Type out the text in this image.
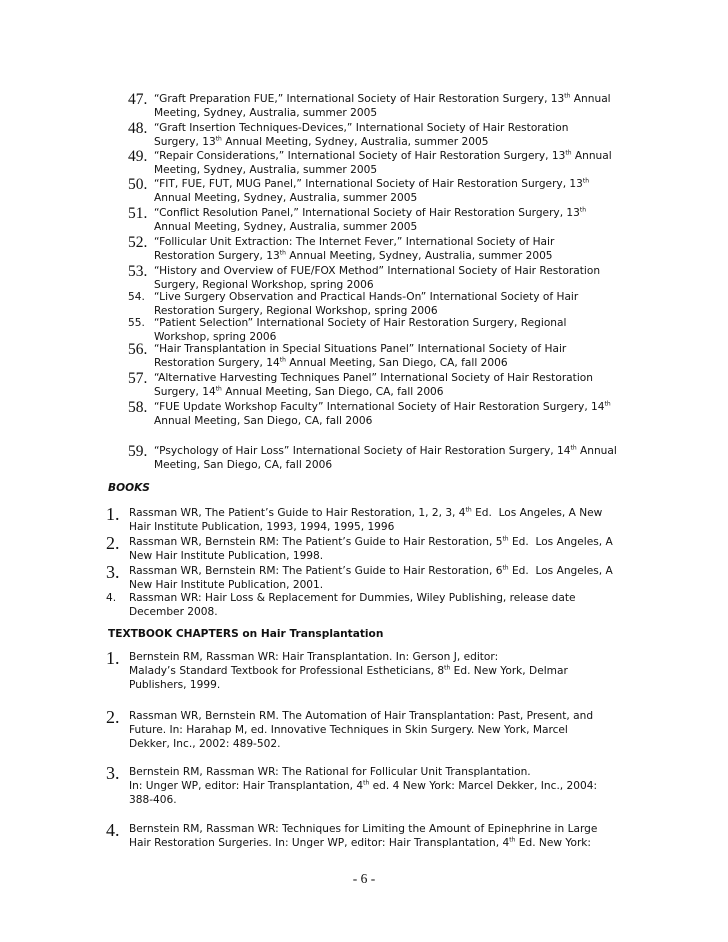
47. “Graft Preparation FUE,” International Society of Hair Restoration Surgery, 13th Annual
Meeting, Sydney, Australia, summer 2005
48. “Graft Insertion Techniques-Devices,” International Society of Hair Restoration
Surgery, 13th Annual Meeting, Sydney, Australia, summer 2005
49. “Repair Considerations,” International Society of Hair Restoration Surgery, 13th Annual
Meeting, Sydney, Australia, summer 2005
50. “FIT, FUE, FUT, MUG Panel,” International Society of Hair Restoration Surgery, 13th
Annual Meeting, Sydney, Australia, summer 2005
51. “Conflict Resolution Panel,” International Society of Hair Restoration Surgery, 13th
Annual Meeting, Sydney, Australia, summer 2005
52. “Follicular Unit Extraction: The Internet Fever,” International Society of Hair
Restoration Surgery, 13th Annual Meeting, Sydney, Australia, summer 2005
53. “History and Overview of FUE/FOX Method” International Society of Hair Restoration
Surgery, Regional Workshop, spring 2006
54. “Live Surgery Observation and Practical Hands-On” International Society of Hair
Restoration Surgery, Regional Workshop, spring 2006
55. “Patient Selection” International Society of Hair Restoration Surgery, Regional
Workshop, spring 2006
56. “Hair Transplantation in Special Situations Panel” International Society of Hair
Restoration Surgery, 14th Annual Meeting, San Diego, CA, fall 2006
57. “Alternative Harvesting Techniques Panel” International Society of Hair Restoration
Surgery, 14th Annual Meeting, San Diego, CA, fall 2006
58. “FUE Update Workshop Faculty” International Society of Hair Restoration Surgery, 14th
Annual Meeting, San Diego, CA, fall 2006
59. “Psychology of Hair Loss” International Society of Hair Restoration Surgery, 14th Annual
Meeting, San Diego, CA, fall 2006
BOOKS
1. Rassman WR, The Patient’s Guide to Hair Restoration, 1, 2, 3, 4th Ed.  Los Angeles, A New
Hair Institute Publication, 1993, 1994, 1995, 1996
2. Rassman WR, Bernstein RM: The Patient’s Guide to Hair Restoration, 5th Ed.  Los Angeles, A
New Hair Institute Publication, 1998.
3. Rassman WR, Bernstein RM: The Patient’s Guide to Hair Restoration, 6th Ed.  Los Angeles, A
New Hair Institute Publication, 2001.
4.	Rassman WR: Hair Loss & Replacement for Dummies, Wiley Publishing, release date
December 2008.
TEXTBOOK CHAPTERS on Hair Transplantation
1. Bernstein RM, Rassman WR: Hair Transplantation. In: Gerson J, editor:
Malady’s Standard Textbook for Professional Estheticians, 8th Ed. New York, Delmar
Publishers, 1999.
2. Rassman WR, Bernstein RM. The Automation of Hair Transplantation: Past, Present, and
Future. In: Harahap M, ed. Innovative Techniques in Skin Surgery. New York, Marcel
Dekker, Inc., 2002: 489-502.
3. Bernstein RM, Rassman WR: The Rational for Follicular Unit Transplantation.
In: Unger WP, editor: Hair Transplantation, 4th ed. 4 New York: Marcel Dekker, Inc., 2004:
388-406.
4. Bernstein RM, Rassman WR: Techniques for Limiting the Amount of Epinephrine in Large
Hair Restoration Surgeries. In: Unger WP, editor: Hair Transplantation, 4th Ed. New York:
- 6 -
